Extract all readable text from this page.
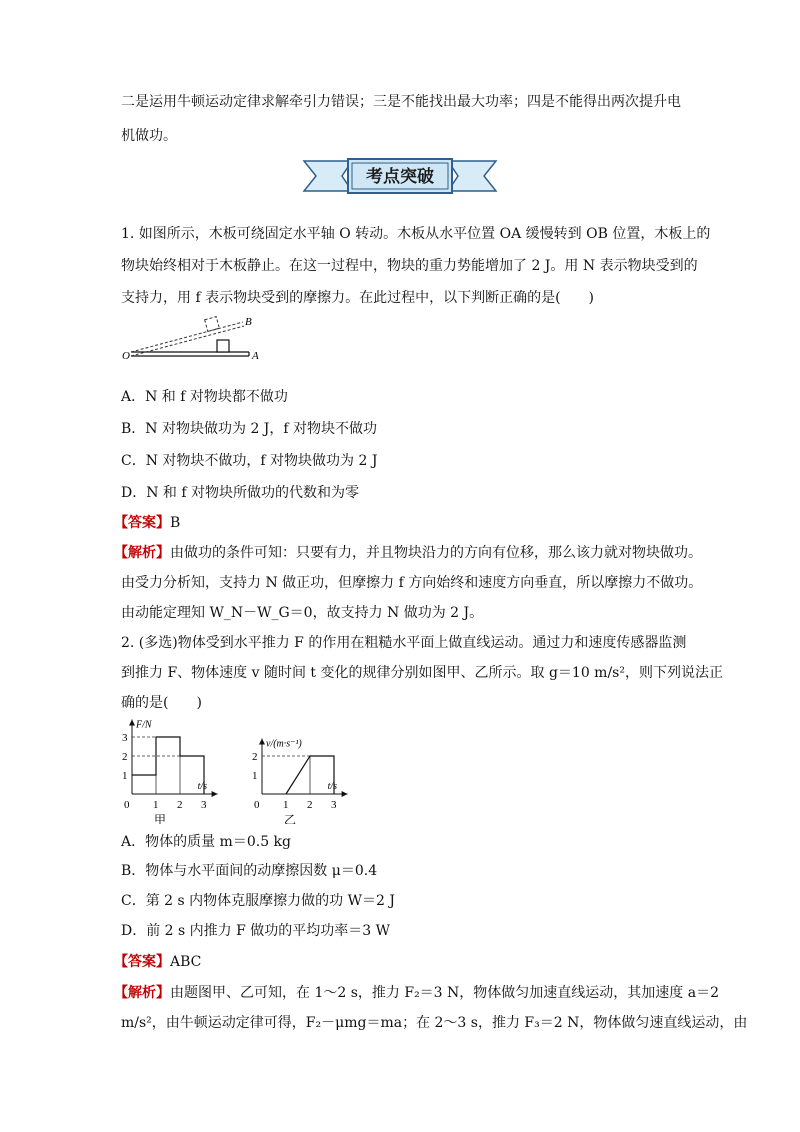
二是运用牛顿运动定律求解牵引力错误；三是不能找出最大功率；四是不能得出两次提升电
机做功。
考点突破
1. 如图所示，木板可绕固定水平轴 O 转动。木板从水平位置 OA 缓慢转到 OB 位置，木板上的
物块始终相对于木板静止。在这一过程中，物块的重力势能增加了 2 J。用 N 表示物块受到的
支持力，用 f 表示物块受到的摩擦力。在此过程中，以下判断正确的是(　　)
O	A
B
A．N 和 f 对物块都不做功
B．N 对物块做功为 2 J，f 对物块不做功
C．N 对物块不做功，f 对物块做功为 2 J
D．N 和 f 对物块所做功的代数和为零
【答案】B
【解析】由做功的条件可知：只要有力，并且物块沿力的方向有位移，那么该力就对物块做功。
由受力分析知，支持力 N 做正功，但摩擦力 f 方向始终和速度方向垂直，所以摩擦力不做功。
由动能定理知 W_N－W_G＝0，故支持力 N 做功为 2 J。
2. (多选)物体受到水平推力 F 的作用在粗糙水平面上做直线运动。通过力和速度传感器监测
到推力 F、物体速度 v 随时间 t 变化的规律分别如图甲、乙所示。取 g＝10 m/s²，则下列说法正
确的是(　　)
0 1 2 3
1
2
3
F/N
t/s
甲
0 1 2 3
1
2
v/(m·s⁻¹)
t/s
乙
A．物体的质量 m＝0.5 kg
B．物体与水平面间的动摩擦因数 μ＝0.4
C．第 2 s 内物体克服摩擦力做的功 W＝2 J
D．前 2 s 内推力 F 做功的平均功率＝3 W
【答案】ABC
【解析】由题图甲、乙可知，在 1～2 s，推力 F₂＝3 N，物体做匀加速直线运动，其加速度 a＝2
m/s²，由牛顿运动定律可得，F₂－μmg＝ma；在 2～3 s，推力 F₃＝2 N，物体做匀速直线运动，由
